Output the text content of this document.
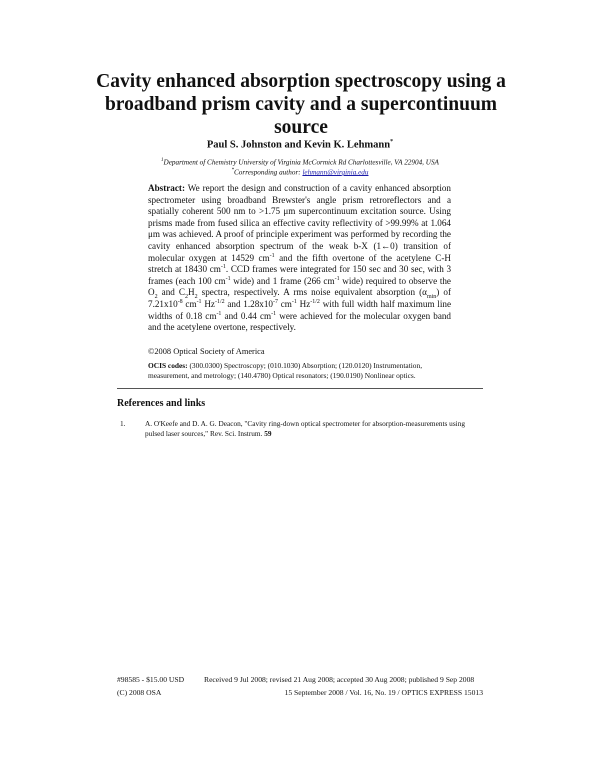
Cavity enhanced absorption spectroscopy using a broadband prism cavity and a supercontinuum source
Paul S. Johnston and Kevin K. Lehmann*
$^1$Department of Chemistry University of Virginia McCormick Rd Charlottesville, VA 22904, USA
*Corresponding author: lehmann@virginia.edu
Abstract: We report the design and construction of a cavity enhanced absorption spectrometer using broadband Brewster's angle prism retroreflectors and a spatially coherent 500 nm to >1.75 μm supercontinuum excitation source. Using prisms made from fused silica an effective cavity reflectivity of >99.99% at 1.064 μm was achieved. A proof of principle experiment was performed by recording the cavity enhanced absorption spectrum of the weak b-X (1←0) transition of molecular oxygen at 14529 $cm^{-1}$ and the fifth overtone of the acetylene C-H stretch at 18430 $cm^{-1}$. CCD frames were integrated for 150 sec and 30 sec, with 3 frames (each 100 $cm^{-1}$ wide) and 1 frame (266 $cm^{-1}$ wide) required to observe the $O_2$ and $C_2H_2$ spectra, respectively. A rms noise equivalent absorption $(\alpha_{min})$ of $7.21x10^{-8}$ $cm^{-1}$ $Hz^{-1/2}$ and $1.28x10^{-7}$ $cm^{-1}$ $Hz^{-1/2}$ with full width half maximum line widths of 0.18 $cm^{-1}$ and 0.44 $cm^{-1}$ were achieved for the molecular oxygen band and the acetylene overtone, respectively.
©2008 Optical Society of America
OCIS codes: (300.0300) Spectroscopy; (010.1030) Absorption; (120.0120) Instrumentation, measurement, and metrology; (140.4780) Optical resonators; (190.0190) Nonlinear optics.
References and links
1.	A. O'Keefe and D. A. G. Deacon, "Cavity ring-down optical spectrometer for absorption-measurements using pulsed laser sources," Rev. Sci. Instrum. 59
#98585 - $15.00 USD	Received 9 Jul 2008; revised 21 Aug 2008; accepted 30 Aug 2008; published 9 Sep 2008
(C) 2008 OSA	15 September 2008 / Vol. 16, No. 19 / OPTICS EXPRESS 15013
